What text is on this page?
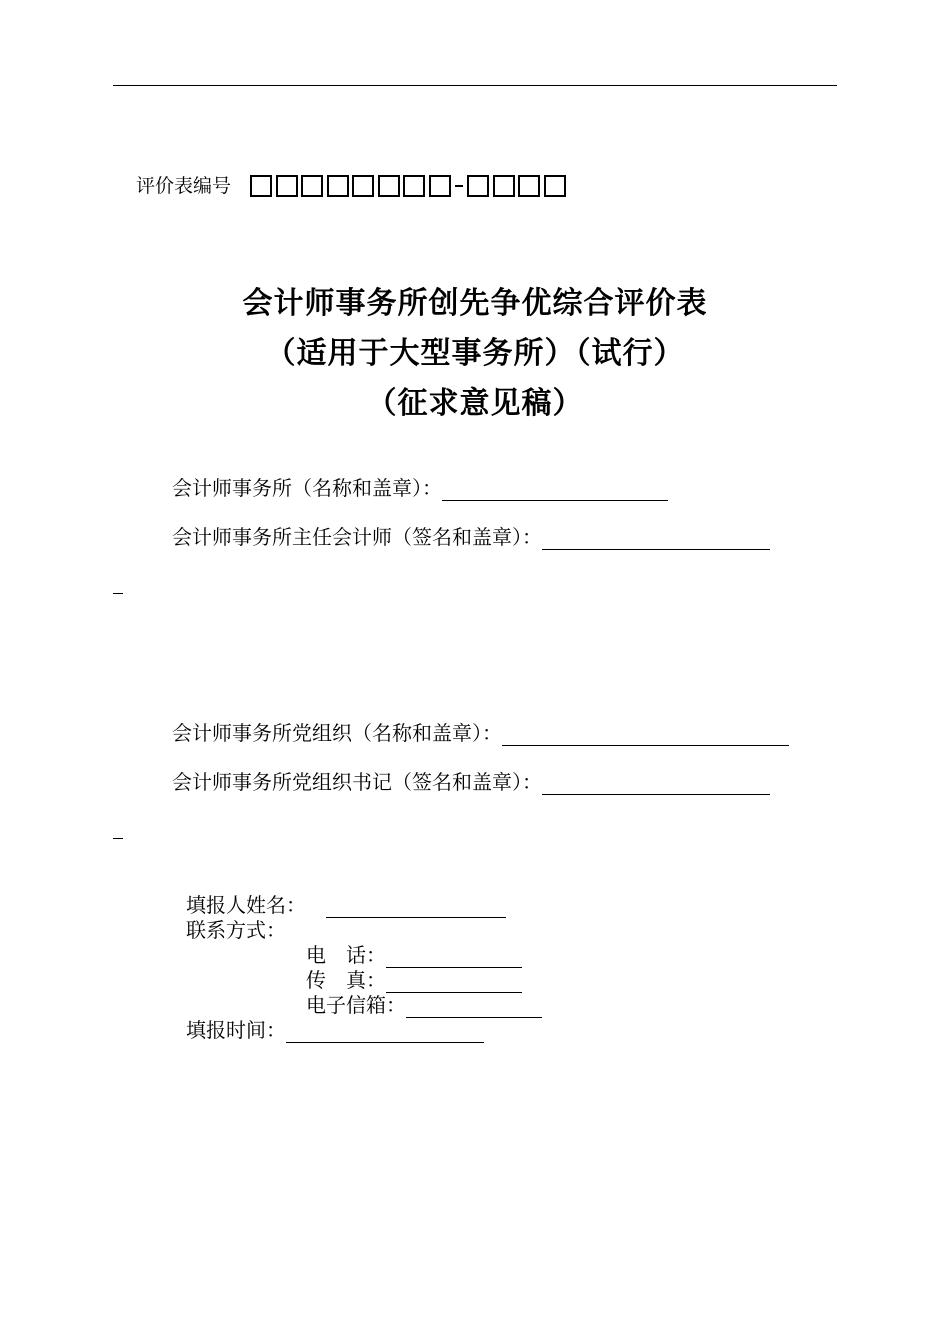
评价表编号
会计师事务所创先争优综合评价表
（适用于大型事务所）（试行）
（征求意见稿）
会计师事务所（名称和盖章）：
会计师事务所主任会计师（签名和盖章）：
会计师事务所党组织（名称和盖章）：
会计师事务所党组织书记（签名和盖章）：
填报人姓名：
联系方式：
电　话：
传　真：
电子信箱：
填报时间：
